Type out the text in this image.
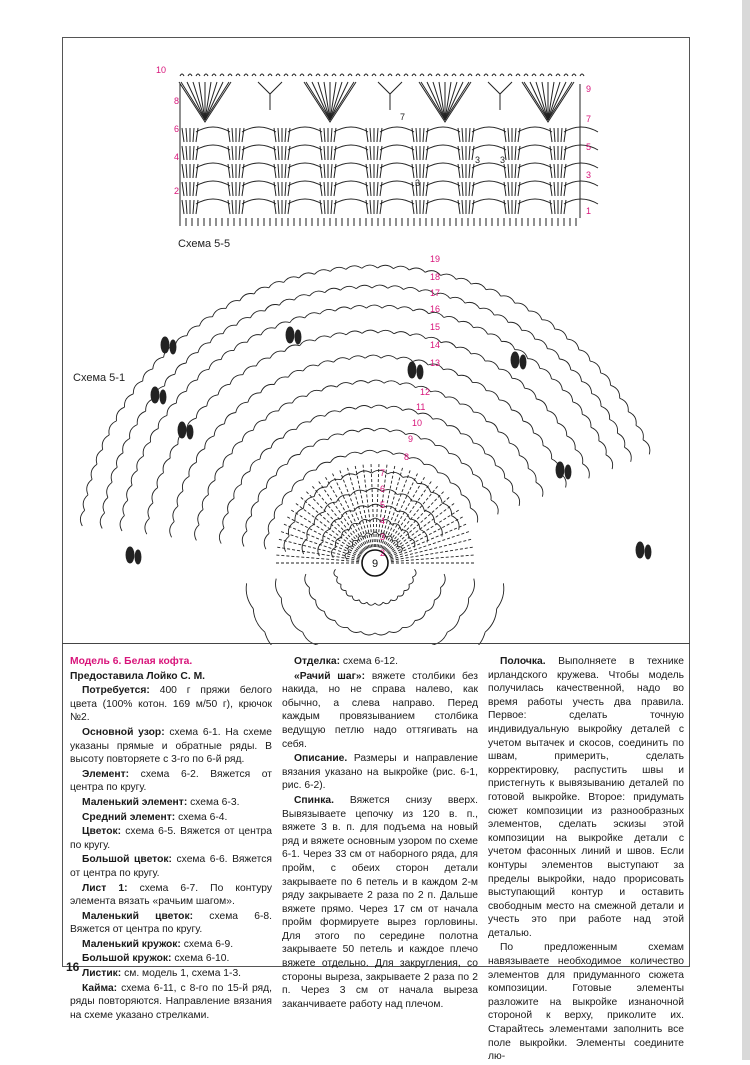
9
19
18
17
16
15
14
13
12
11
10
9
8
7
6
5
4
3
2
10
8
6
4
2
9
7
5
3
1
7	7
3 3
3
Схема 5-5
Схема 5-1

Модель 6. Белая кофта.

Предоставила Лойко С. М.

Потребуется: 400 г пряжи белого цвета (100% котон. 169 м/50 г), крючок №2.

Основной узор: схема 6-1. На схеме указаны прямые и обратные ряды. В высоту повторяете с 3-го по 6-й ряд.

Элемент: схема 6-2. Вяжется от центра по кругу.

Маленький элемент: схема 6-3.

Средний элемент: схема 6-4.

Цветок: схема 6-5. Вяжется от центра по кругу.

Большой цветок: схема 6-6. Вяжется от центра по кругу.

Лист 1: схема 6-7. По контуру элемента вязать «рачьим шагом».

Маленький цветок: схема 6-8. Вяжется от центра по кругу.

Маленький кружок: схема 6-9.

Большой кружок: схема 6-10.

Листик: см. модель 1, схема 1-3.

Кайма: схема 6-11, с 8-го по 15-й ряд, ряды повторяются. Направление вязания на схеме указано стрелками.

Отделка: схема 6-12.

«Рачий шаг»: вяжете столбики без накида, но не справа налево, как обычно, а слева направо. Перед каждым провязыванием столбика ведущую петлю надо оттягивать на себя.

Описание. Размеры и направление вязания указано на выкройке (рис. 6-1, рис. 6-2).

Спинка. Вяжется снизу вверх. Вывязываете цепочку из 120 в. п., вяжете 3 в. п. для подъема на новый ряд и вяжете основным узором по схеме 6-1. Через 33 см от наборного ряда, для пройм, с обеих сторон детали закрываете по 6 петель и в каждом 2-м ряду закрываете 2 раза по 2 п. Дальше вяжете прямо. Через 17 см от начала пройм формируете вырез горловины. Для этого по середине полотна закрываете 50 петель и каждое плечо вяжете отдельно. Для закругления, со стороны выреза, закрываете 2 раза по 2 п. Через 3 см от начала выреза заканчиваете работу над плечом.

Полочка. Выполняете в технике ирландского кружева. Чтобы модель получилась качественной, надо во время работы учесть два правила. Первое: сделать точную индивидуальную выкройку деталей с учетом вытачек и скосов, соединить по швам, примерить, сделать корректировку, распустить швы и пристегнуть к вывязыванию деталей по готовой выкройке. Второе: придумать сюжет композиции из разнообразных элементов, сделать эскизы этой композиции на выкройке детали с учетом фасонных линий и швов. Если контуры элементов выступают за пределы выкройки, надо прорисовать выступающий контур и оставить свободным место на смежной детали и учесть это при работе над этой деталью.

По предложенным схемам навязываете необходимое количество элементов для придуманного сюжета композиции. Готовые элементы разложите на выкройке изнаночной стороной к верху, приколите их. Старайтесь элементами заполнить все поле выкройки. Элементы соедините лю-

16
